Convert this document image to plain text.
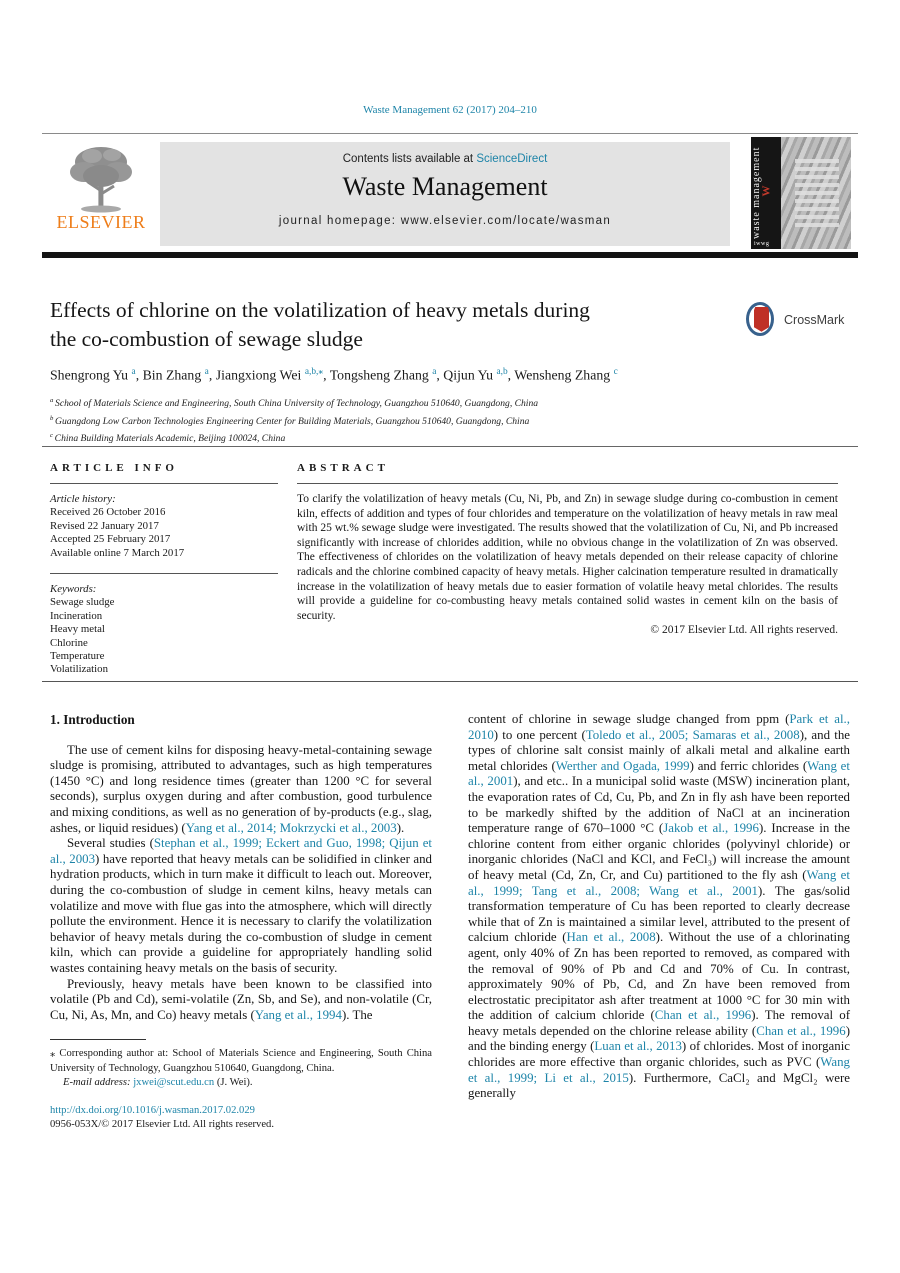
Waste Management 62 (2017) 204–210
ELSEVIER
Contents lists available at ScienceDirect
Waste Management
journal homepage: www.elsevier.com/locate/wasman	waste management
W
iwwg
Effects of chlorine on the volatilization of heavy metals during
the co-combustion of sewage sludge
CrossMark
Shengrong Yu $^a$, Bin Zhang $^a$, Jiangxiong Wei $^{a,b,⁎}$, Tongsheng Zhang $^a$, Qijun Yu $^{a,b}$, Wensheng Zhang $^c$
$^a$ School of Materials Science and Engineering, South China University of Technology, Guangzhou 510640, Guangdong, China
$^b$ Guangdong Low Carbon Technologies Engineering Center for Building Materials, Guangzhou 510640, Guangdong, China
$^c$ China Building Materials Academic, Beijing 100024, China
ARTICLE INFO
Article history:
Received 26 October 2016
Revised 22 January 2017
Accepted 25 February 2017
Available online 7 March 2017
Keywords:
Sewage sludge
Incineration
Heavy metal
Chlorine
Temperature
Volatilization
ABSTRACT
To clarify the volatilization of heavy metals (Cu, Ni, Pb, and Zn) in sewage sludge during co-combustion in cement kiln, effects of addition and types of four chlorides and temperature on the volatilization of heavy metals in raw meal with 25 wt.% sewage sludge were investigated. The results showed that the volatilization of Cu, Ni, and Pb increased significantly with increase of chlorides addition, while no obvious change in the volatilization of Zn was observed. The effectiveness of chlorides on the volatilization of heavy metals depended on their release capacity of chlorine radicals and the chlorine combined capacity of heavy metals. Higher calcination temperature resulted in dramatically increase in the volatilization of heavy metals due to easier formation of volatile heavy metal chlorides. The results will provide a guideline for co-combusting heavy metals contained solid wastes in cement kiln on the basis of security.
© 2017 Elsevier Ltd. All rights reserved.
1. Introduction

The use of cement kilns for disposing heavy-metal-containing sewage sludge is promising, attributed to advantages, such as high temperatures (1450 °C) and long residence times (greater than 1200 °C for several seconds), surplus oxygen during and after combustion, good turbulence and mixing conditions, as well as no generation of by-products (e.g., slag, ashes, or liquid residues) (Yang et al., 2014; Mokrzycki et al., 2003).

Several studies (Stephan et al., 1999; Eckert and Guo, 1998; Qijun et al., 2003) have reported that heavy metals can be solidified in clinker and hydration products, which in turn make it difficult to leach out. Moreover, during the co-combustion of sludge in cement kilns, heavy metals can volatilize and move with flue gas into the atmosphere, which will directly pollute the environment. Hence it is necessary to clarify the volatilization behavior of heavy metals during the co-combustion of sludge in cement kiln, which can provide a guideline for appropriately handling solid wastes containing heavy metals on the basis of security.

Previously, heavy metals have been known to be classified into volatile (Pb and Cd), semi-volatile (Zn, Sb, and Se), and non-volatile (Cr, Cu, Ni, As, Mn, and Co) heavy metals (Yang et al., 1994). The

⁎ Corresponding author at: School of Materials Science and Engineering, South China University of Technology, Guangzhou 510640, Guangdong, China.
E-mail address: jxwei@scut.edu.cn (J. Wei).
http://dx.doi.org/10.1016/j.wasman.2017.02.029
0956-053X/© 2017 Elsevier Ltd. All rights reserved.

content of chlorine in sewage sludge changed from ppm (Park et al., 2010) to one percent (Toledo et al., 2005; Samaras et al., 2008), and the types of chlorine salt consist mainly of alkali metal and alkaline earth metal chlorides (Werther and Ogada, 1999) and ferric chlorides (Wang et al., 2001), and etc.. In a municipal solid waste (MSW) incineration plant, the evaporation rates of Cd, Cu, Pb, and Zn in fly ash have been reported to be markedly shifted by the addition of NaCl at an incineration temperature range of 670–1000 °C (Jakob et al., 1996). Increase in the chlorine content from either organic chlorides (polyvinyl chloride) or inorganic chlorides (NaCl and KCl, and FeCl₃) will increase the amount of heavy metal (Cd, Zn, Cr, and Cu) partitioned to the fly ash (Wang et al., 1999; Tang et al., 2008; Wang et al., 2001). The gas/solid transformation temperature of Cu has been reported to clearly decrease while that of Zn is maintained a similar level, attributed to the present of calcium chloride (Han et al., 2008). Without the use of a chlorinating agent, only 40% of Zn has been reported to removed, as compared with the removal of 90% of Pb and Cd and 70% of Cu. In contrast, approximately 90% of Pb, Cd, and Zn have been removed from electrostatic precipitator ash after treatment at 1000 °C for 30 min with the addition of calcium chloride (Chan et al., 1996). The removal of heavy metals depended on the chlorine release ability (Chan et al., 1996) and the binding energy (Luan et al., 2013) of chlorides. Most of inorganic chlorides are more effective than organic chlorides, such as PVC (Wang et al., 1999; Li et al., 2015). Furthermore, CaCl₂ and MgCl₂ were generally
